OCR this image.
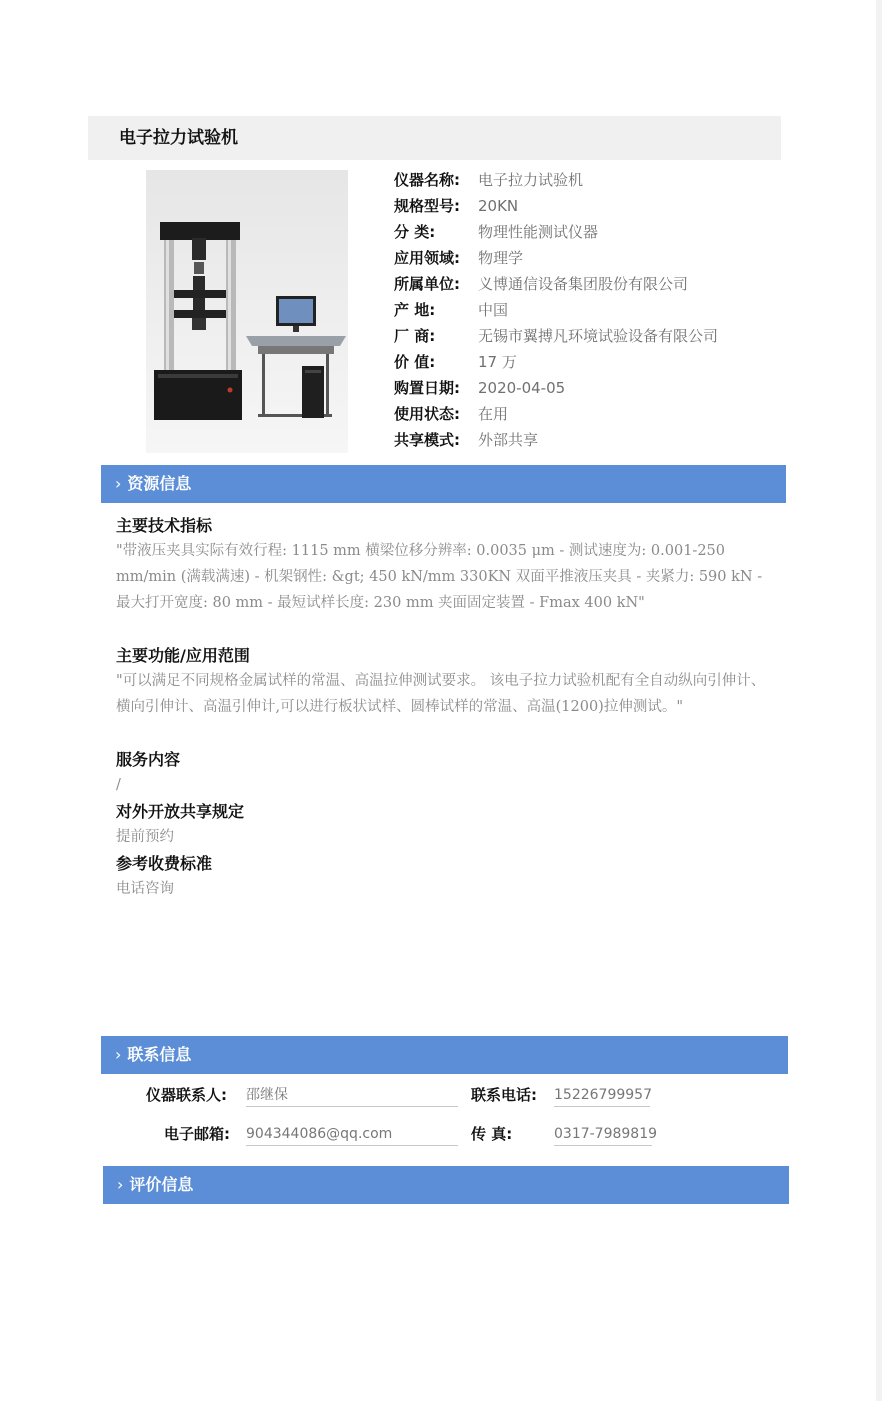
电子拉力试验机
仪器名称: 电子拉力试验机
规格型号: 20KN
分 类:	物理性能测试仪器
应用领域: 物理学
所属单位: 义博通信设备集团股份有限公司
产 地:	中国
厂 商:	无锡市翼搏凡环境试验设备有限公司
价 值:	17 万
购置日期: 2020-04-05
使用状态: 在用
共享模式: 外部共享
› 资源信息
主要技术指标
"带液压夹具实际有效行程: 1115 mm 横梁位移分辨率: 0.0035 μm - 测试速度为: 0.001-250 mm/min (满载满速) - 机架钢性: &gt; 450 kN/mm 330KN 双面平推液压夹具 - 夹紧力: 590 kN - 最大打开宽度: 80 mm - 最短试样长度: 230 mm 夹面固定装置 - Fmax 400 kN"
主要功能/应用范围
"可以满足不同规格金属试样的常温、高温拉伸测试要求。 该电子拉力试验机配有全自动纵向引伸计、横向引伸计、高温引伸计,可以进行板状试样、圆棒试样的常温、高温(1200)拉伸测试。"
服务内容
/
对外开放共享规定
提前预约
参考收费标准
电话咨询
› 联系信息
仪器联系人: 邵继保	联系电话: 15226799957
电子邮箱: 904344086@qq.com	传 真:	0317-7989819
› 评价信息
